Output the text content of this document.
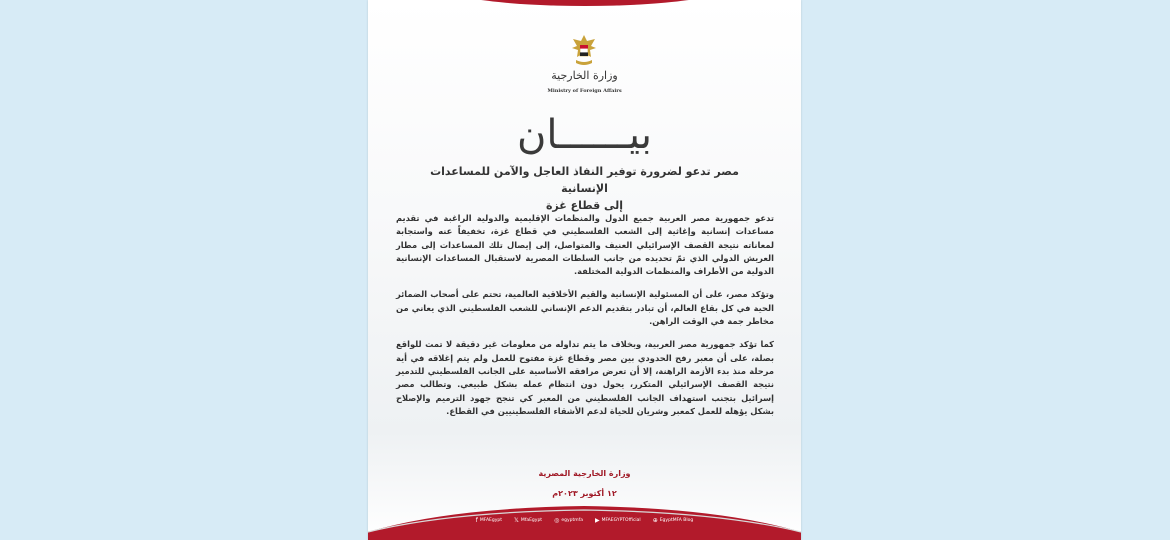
وزارة الخارجية
Ministry of Foreign Affairs
بيــــــان
مصر تدعو لضرورة توفير النفاذ العاجل والآمن للمساعدات الإنسانية
إلى قطاع غزة

تدعو جمهورية مصر العربية جميع الدول والمنظمات الإقليمية والدولية الراغبة في تقديم مساعدات إنسانية وإغاثية إلى الشعب الفلسطيني في قطاع غزة، تخفيفاً عنه واستجابة لمعاناته نتيجة القصف الإسرائيلي العنيف والمتواصل، إلى إيصال تلك المساعدات إلى مطار العريش الدولي الذي تمّ تحديده من جانب السلطات المصرية لاستقبال المساعدات الإنسانية الدولية من الأطراف والمنظمات الدولية المختلفة.

وتؤكد مصر، على أن المسئولية الإنسانية والقيم الأخلاقية العالمية، تحتم على أصحاب الضمائر الحية في كل بقاع العالم، أن تبادر بتقديم الدعم الإنساني للشعب الفلسطيني الذي يعاني من مخاطر جمة في الوقت الراهن.

كما تؤكد جمهورية مصر العربية، وبخلاف ما يتم تداوله من معلومات غير دقيقة لا تمت للواقع بصلة، على أن معبر رفح الحدودي بين مصر وقطاع غزة مفتوح للعمل ولم يتم إغلاقه في أية مرحلة منذ بدء الأزمة الراهنة، إلا أن تعرض مرافقه الأساسية على الجانب الفلسطيني للتدمير نتيجة القصف الإسرائيلي المتكرر، يحول دون انتظام عمله بشكل طبيعي. وتطالب مصر إسرائيل بتجنب استهداف الجانب الفلسطيني من المعبر كي تنجح جهود الترميم والإصلاح بشكل يؤهله للعمل كمعبر وشريان للحياة لدعم الأشقاء الفلسطينيين في القطاع.

وزارة الخارجية المصرية
١٢ أكتوبر ٢٠٢٣م
f MFAEgypt 𝕏 MfaEgypt ◎ egyptmfa ▶ MFAEGYPTOfficial ⊕ EgyptMFA Blog
